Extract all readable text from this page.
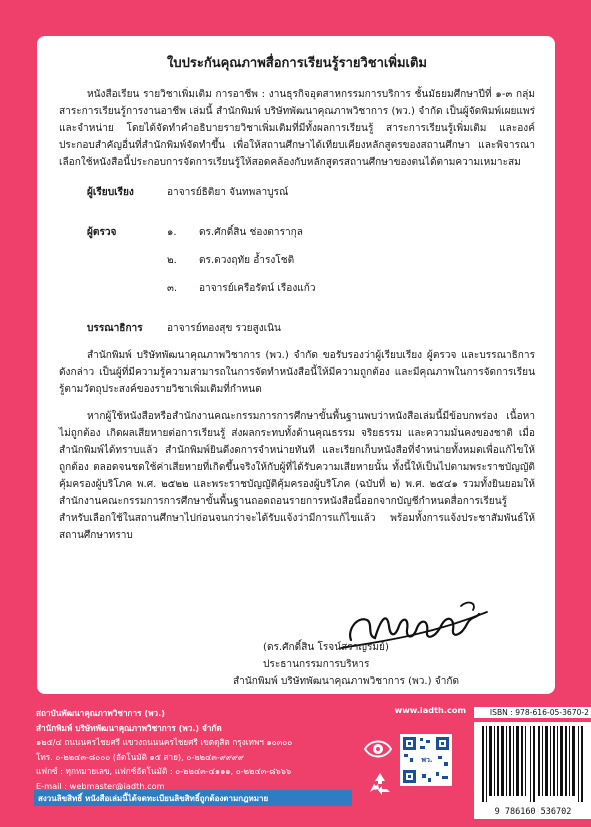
ใบประกันคุณภาพสื่อการเรียนรู้รายวิชาเพิ่มเติม

หนังสือเรียน รายวิชาเพิ่มเติม การอาชีพ : งานธุรกิจอุตสาหกรรมการบริการ ชั้นมัธยมศึกษาปีที่ ๑-๓ กลุ่มสาระการเรียนรู้การงานอาชีพ เล่มนี้ สำนักพิมพ์ บริษัทพัฒนาคุณภาพวิชาการ (พว.) จำกัด เป็นผู้จัดพิมพ์เผยแพร่และจำหน่าย โดยได้จัดทำคำอธิบายรายวิชาเพิ่มเติมที่มีทั้งผลการเรียนรู้ สาระการเรียนรู้เพิ่มเติม และองค์ประกอบสำคัญอื่นที่สำนักพิมพ์จัดทำขึ้น เพื่อให้สถานศึกษาได้เทียบเคียงหลักสูตรของสถานศึกษา และพิจารณาเลือกใช้หนังสือนี้ประกอบการจัดการเรียนรู้ให้สอดคล้องกับหลักสูตรสถานศึกษาของตนได้ตามความเหมาะสม

ผู้เรียบเรียง	อาจารย์ธิติยา จันทพลาบูรณ์
ผู้ตรวจ	๑.	ดร.ศักดิ์สิน ช่องดารากุล
๒.	ดร.ดวงฤทัย อ้ำรงโชติ
๓.	อาจารย์เครือรัตน์ เรืองแก้ว
บรรณาธิการ	อาจารย์ทองสุข รวยสูงเนิน

สำนักพิมพ์ บริษัทพัฒนาคุณภาพวิชาการ (พว.) จำกัด ขอรับรองว่าผู้เรียบเรียง ผู้ตรวจ และบรรณาธิการดังกล่าว เป็นผู้ที่มีความรู้ความสามารถในการจัดทำหนังสือนี้ให้มีความถูกต้อง และมีคุณภาพในการจัดการเรียนรู้ตามวัตถุประสงค์ของรายวิชาเพิ่มเติมที่กำหนด

หากผู้ใช้หนังสือหรือสำนักงานคณะกรรมการการศึกษาขั้นพื้นฐานพบว่าหนังสือเล่มนี้มีข้อบกพร่อง เนื้อหาไม่ถูกต้อง เกิดผลเสียหายต่อการเรียนรู้ ส่งผลกระทบทั้งด้านคุณธรรม จริยธรรม และความมั่นคงของชาติ เมื่อสำนักพิมพ์ได้ทราบแล้ว สำนักพิมพ์ยินดีงดการจำหน่ายทันที และเรียกเก็บหนังสือที่จำหน่ายทั้งหมดเพื่อแก้ไขให้ถูกต้อง ตลอดจนชดใช้ค่าเสียหายที่เกิดขึ้นจริงให้กับผู้ที่ได้รับความเสียหายนั้น ทั้งนี้ให้เป็นไปตามพระราชบัญญัติคุ้มครองผู้บริโภค พ.ศ. ๒๕๒๒ และพระราชบัญญัติคุ้มครองผู้บริโภค (ฉบับที่ ๒) พ.ศ. ๒๕๔๑ รวมทั้งยินยอมให้สำนักงานคณะกรรมการการศึกษาขั้นพื้นฐานถอดถอนรายการหนังสือนี้ออกจากบัญชีกำหนดสื่อการเรียนรู้สำหรับเลือกใช้ในสถานศึกษาไปก่อนจนกว่าจะได้รับแจ้งว่ามีการแก้ไขแล้ว พร้อมทั้งการแจ้งประชาสัมพันธ์ให้สถานศึกษาทราบ

(ดร.ศักดิ์สิน โรจน์สราญรมย์)
ประธานกรรมการบริหาร
สำนักพิมพ์ บริษัทพัฒนาคุณภาพวิชาการ (พว.) จำกัด
สถาบันพัฒนาคุณภาพวิชาการ (พว.)
สำนักพิมพ์ บริษัทพัฒนาคุณภาพวิชาการ (พว.) จำกัด
๑๒๕/๔ ถนนนครไชยศรี แขวงถนนนครไชยศรี เขตดุสิต กรุงเทพฯ ๑๐๓๐๐
โทร. ๐-๒๒๔๓-๘๐๐๐ (อัตโนมัติ ๑๕ สาย), ๐-๒๒๔๓-๙๙๙๙
แฟกซ์ : ทุกหมายเลข, แฟกซ์อัตโนมัติ : ๐-๒๒๔๓-๔๑๑๑, ๐-๒๒๔๓-๘๖๖๖
E-mail : webmaster@iadth.com
www.iadth.com
พว.
ISBN : 978-616-05-3670-2
สงวนลิขสิทธิ์ หนังสือเล่มนี้ได้จดทะเบียนลิขสิทธิ์ถูกต้องตามกฎหมาย
9 786160 536702
